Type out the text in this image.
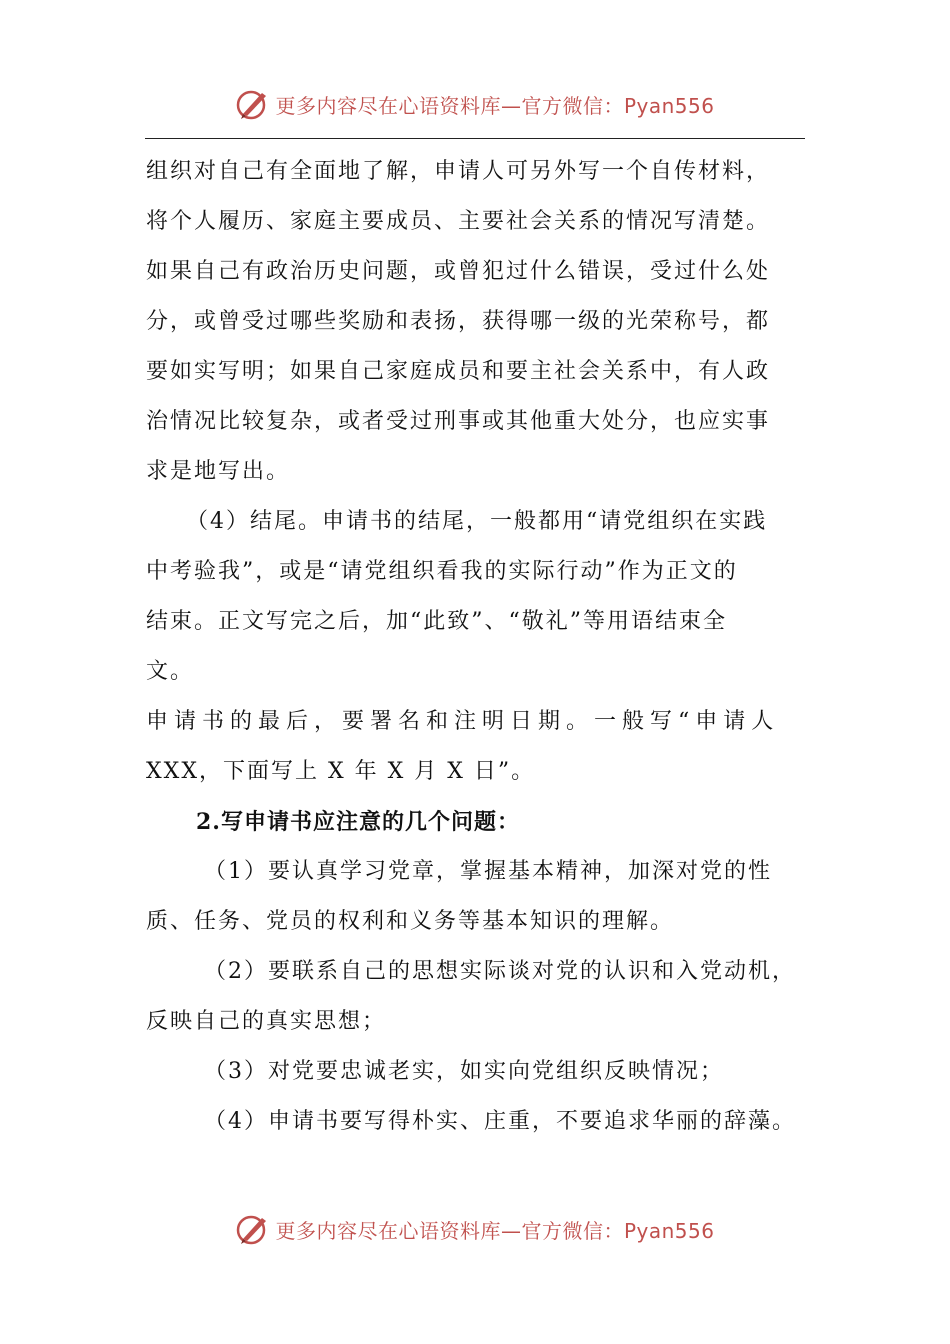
更多内容尽在心语资料库—官方微信：Pyan556
组织对自己有全面地了解，申请人可另外写一个自传材料，
将个人履历、家庭主要成员、主要社会关系的情况写清楚。
如果自己有政治历史问题，或曾犯过什么错误，受过什么处
分，或曾受过哪些奖励和表扬，获得哪一级的光荣称号，都
要如实写明；如果自己家庭成员和要主社会关系中，有人政
治情况比较复杂，或者受过刑事或其他重大处分，也应实事
求是地写出。
（4）结尾。申请书的结尾，一般都用“请党组织在实践
中考验我”，或是“请党组织看我的实际行动”作为正文的
结束。正文写完之后，加“此致”、“敬礼”等用语结束全
文。
申请书的最后，要署名和注明日期。一般写“申请人
XXX，下面写上 X 年 X 月 X 日”。
2.写申请书应注意的几个问题：
（1）要认真学习党章，掌握基本精神，加深对党的性
质、任务、党员的权利和义务等基本知识的理解。
（2）要联系自己的思想实际谈对党的认识和入党动机，
反映自己的真实思想；
（3）对党要忠诚老实，如实向党组织反映情况；
（4）申请书要写得朴实、庄重，不要追求华丽的辞藻。
更多内容尽在心语资料库—官方微信：Pyan556
